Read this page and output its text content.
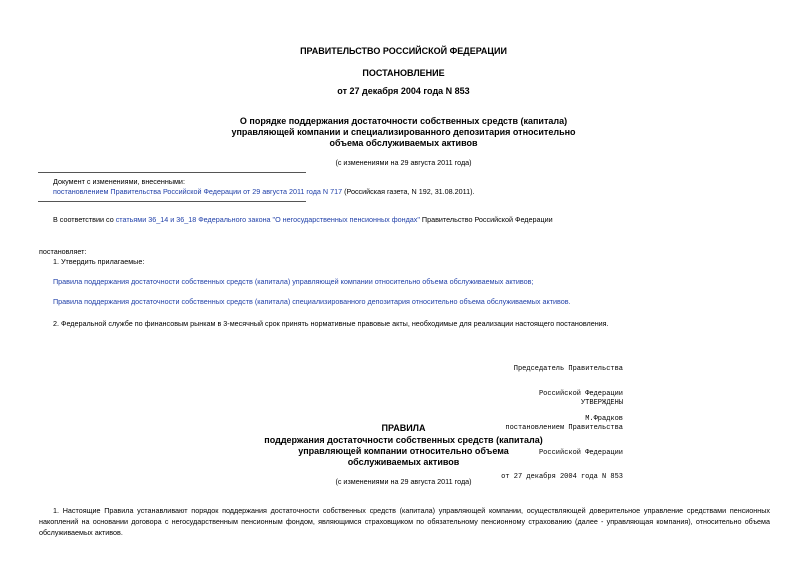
ПРАВИТЕЛЬСТВО РОССИЙСКОЙ ФЕДЕРАЦИИ
ПОСТАНОВЛЕНИЕ
от 27 декабря 2004 года N 853
О порядке поддержания достаточности собственных средств (капитала)
управляющей компании и специализированного депозитария относительно
объема обслуживаемых активов
(с изменениями на 29 августа 2011 года)
Документ с изменениями, внесенными:
постановлением Правительства Российской Федерации от 29 августа 2011 года N 717 (Российская газета, N 192, 31.08.2011).
В соответствии со статьями 36_14 и 36_18 Федерального закона "О негосударственных пенсионных фондах" Правительство Российской Федерации
постановляет:
1. Утвердить прилагаемые:
Правила поддержания достаточности собственных средств (капитала) управляющей компании относительно объема обслуживаемых активов;
Правила поддержания достаточности собственных средств (капитала) специализированного депозитария относительно объема обслуживаемых активов.
2. Федеральной службе по финансовым рынкам в 3-месячный срок принять нормативные правовые акты, необходимые для реализации настоящего постановления.

Председатель Правительства

Российской Федерации

М.Фрадков

УТВЕРЖДЕНЫ

постановлением Правительства

Российской Федерации

от 27 декабря 2004 года N 853

ПРАВИЛА
поддержания достаточности собственных средств (капитала)
управляющей компании относительно объема
обслуживаемых активов
(с изменениями на 29 августа 2011 года)
1. Настоящие Правила устанавливают порядок поддержания достаточности собственных средств (капитала) управляющей компании, осуществляющей доверительное управление средствами пенсионных накоплений на основании договора с негосударственным пенсионным фондом, являющимся страховщиком по обязательному пенсионному страхованию (далее - управляющая компания), относительно объема обслуживаемых активов.
